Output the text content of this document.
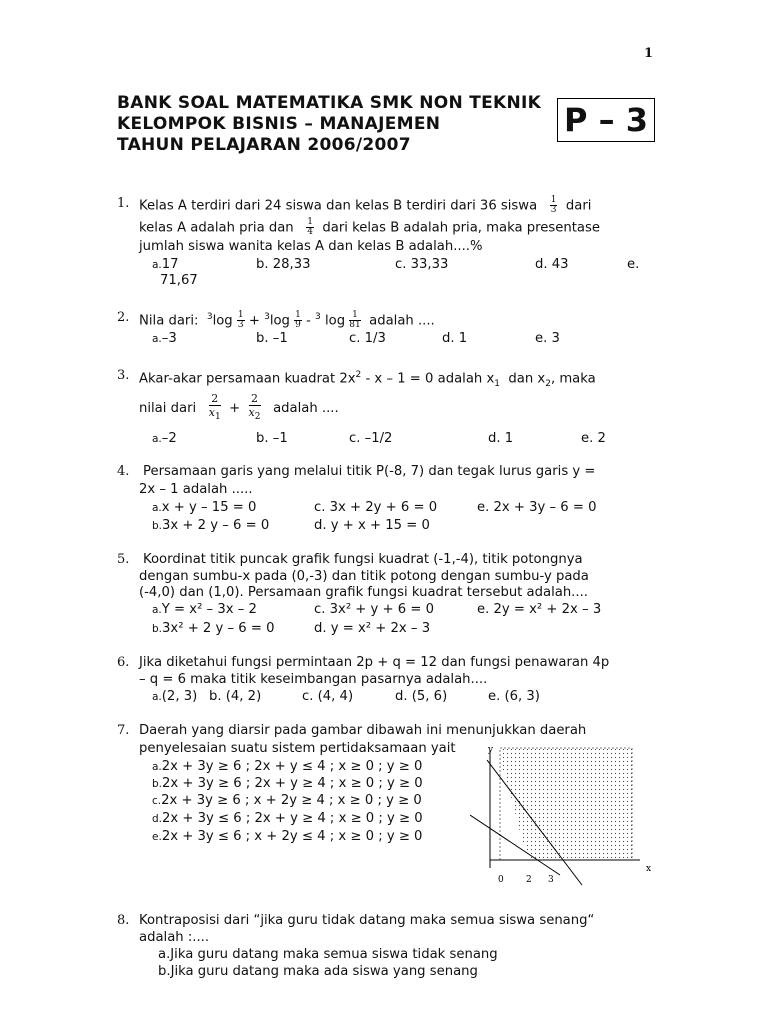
1
BANK SOAL MATEMATIKA SMK NON TEKNIK
KELOMPOK BISNIS – MANAJEMEN
TAHUN PELAJARAN 2006/2007
P – 3
1. Kelas A terdiri dari 24 siswa dan kelas B terdiri dari 36 siswa $\frac{1}{3}$ dari
kelas A adalah pria dan $\frac{1}{4}$ dari kelas B adalah pria, maka presentase
jumlah siswa wanita kelas A dan kelas B adalah....%
a.17	b. 28,33	c. 33,33	d. 43	e.
71,67
2. Nila dari: $^3\log \frac{1}{3} + ^3\log \frac{1}{9} - ^3$ $\log \frac{1}{81}$ adalah ....
a.–3	b. –1	c. 1/3	d. 1	e. 3
3. Akar-akar persamaan kuadrat $2x^2 - x - 1 = 0$ adalah $x_1$ dan $x_2$, maka
nilai dari $\frac{2}{x_1} + \frac{2}{x_2}$ adalah ....
a.–2	b. –1	c. –1/2	d. 1	e. 2
4. Persamaan garis yang melalui titik P(-8, 7) dan tegak lurus garis y =
2x – 1 adalah .....
a.x + y – 15 = 0	c. 3x + 2y + 6 = 0	e. 2x + 3y – 6 = 0
b.3x + 2 y – 6 = 0	d. y + x + 15 = 0
5. Koordinat titik puncak grafik fungsi kuadrat (-1,-4), titik potongnya
dengan sumbu-x pada (0,-3) dan titik potong dengan sumbu-y pada
(-4,0) dan (1,0). Persamaan grafik fungsi kuadrat tersebut adalah....
a.Y = x² – 3x – 2	c. 3x² + y + 6 = 0	e. 2y = x² + 2x – 3
b.3x² + 2 y – 6 = 0	d. y = x² + 2x – 3
6. Jika diketahui fungsi permintaan 2p + q = 12 dan fungsi penawaran 4p
– q = 6 maka titik keseimbangan pasarnya adalah....
a.(2, 3) b. (4, 2)	c. (4, 4)	d. (5, 6)	e. (6, 3)
7. Daerah yang diarsir pada gambar dibawah ini menunjukkan daerah
penyelesaian suatu sistem pertidaksamaan yait
a.2x + 3y ≥ 6 ; 2x + y ≤ 4 ; x ≥ 0 ; y ≥ 0
b.2x + 3y ≥ 6 ; 2x + y ≥ 4 ; x ≥ 0 ; y ≥ 0
c.2x + 3y ≥ 6 ; x + 2y ≥ 4 ; x ≥ 0 ; y ≥ 0
d.2x + 3y ≤ 6 ; 2x + y ≥ 4 ; x ≥ 0 ; y ≥ 0
e.2x + 3y ≤ 6 ; x + 2y ≤ 4 ; x ≥ 0 ; y ≥ 0
y
x
0 2 3
8. Kontraposisi dari “jika guru tidak datang maka semua siswa senang“
adalah :....
a.Jika guru datang maka semua siswa tidak senang
b.Jika guru datang maka ada siswa yang senang
